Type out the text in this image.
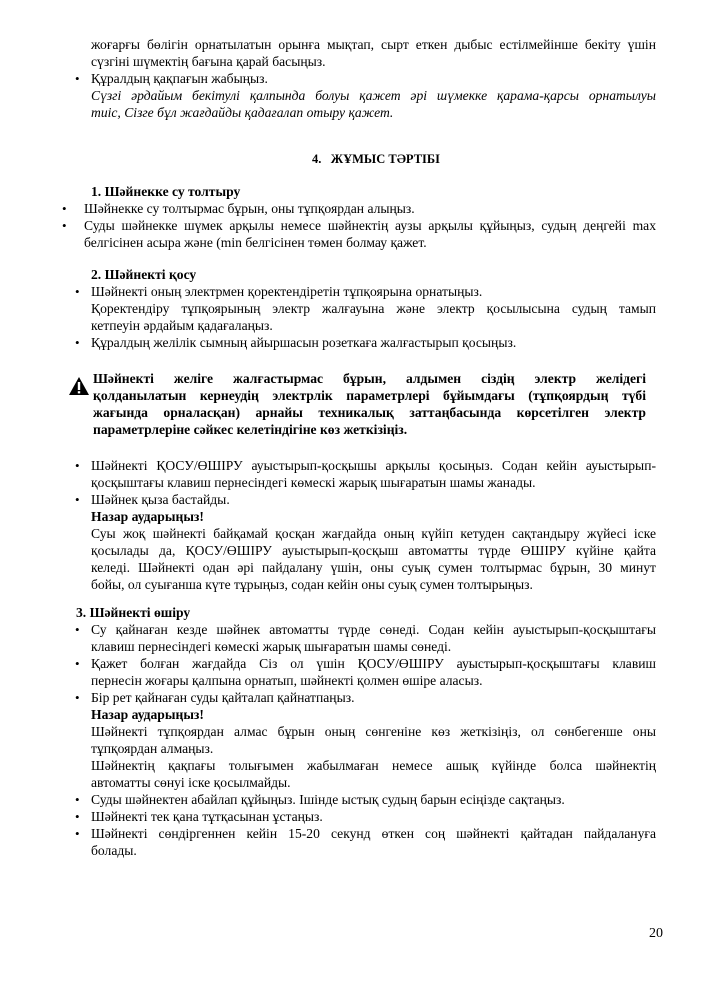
жоғарғы бөлігін орнатылатын орынға мықтап, сырт еткен дыбыс естілмейінше бекіту үшін

сүзгіні шүмектің бағына қарай басыңыз.

• Құралдың қақпағын жабыңыз.

Сүзгі әрдайым бекітулі қалпында болуы қажет әрі шүмекке қарама-қарсы орнатылуы

тиіс, Сізге бұл жағдайды қадағалап отыру қажет.

4. ЖҰМЫС ТӘРТІБІ

1. Шәйнекке су толтыру

• Шәйнекке су толтырмас бұрын, оны тұпқоярдан алыңыз.

• Суды шәйнекке шүмек арқылы немесе шәйнектің аузы арқылы құйыңыз, судың деңгейі max

белгісінен асыра және (min белгісінен төмен болмау қажет.

2. Шәйнекті қосу

• Шәйнекті оның электрмен қоректендіретін тұпқоярына орнатыңыз.

Қоректендіру тұпқоярының электр жалғауына және электр қосылысына судың тамып

кетпеуін әрдайым қадағалаңыз.

• Құралдың желілік сымның айыршасын розеткаға жалғастырып қосыңыз.

Шәйнекті желіге жалғастырмас бұрын, алдымен сіздің электр желідегі

қолданылатын кернеудің электрлік параметрлері бұйымдағы (тұпқоярдың түбі

жағында орналасқан) арнайы техникалық заттаңбасында көрсетілген электр

параметрлеріне сәйкес келетіндігіне көз жеткізіңіз.

• Шәйнекті ҚОСУ/ӨШІРУ ауыстырып-қосқышы арқылы қосыңыз. Содан кейін ауыстырып-

қосқыштағы клавиш пернесіндегі көмескі жарық шығаратын шамы жанады.

• Шәйнек қыза бастайды.

Назар аударыңыз!

Суы жоқ шәйнекті байқамай қосқан жағдайда оның күйіп кетуден сақтандыру жүйесі іске

қосылады да, ҚОСУ/ӨШІРУ ауыстырып-қосқыш автоматты түрде ӨШІРУ күйіне қайта

келеді. Шәйнекті одан әрі пайдалану үшін, оны суық сумен толтырмас бұрын, 30 минут

бойы, ол суығанша күте тұрыңыз, содан кейін оны суық сумен толтырыңыз.

3. Шәйнекті өшіру

• Су қайнаған кезде шәйнек автоматты түрде сөнеді. Содан кейін ауыстырып-қосқыштағы

клавиш пернесіндегі көмескі жарық шығаратын шамы сөнеді.

• Қажет болған жағдайда Сіз ол үшін ҚОСУ/ӨШІРУ ауыстырып-қосқыштағы клавиш

пернесін жоғары қалпына орнатып, шәйнекті қолмен өшіре аласыз.

• Бір рет қайнаған суды қайталап қайнатпаңыз.

Назар аударыңыз!

Шәйнекті тұпқоярдан алмас бұрын оның сөнгеніне көз жеткізіңіз, ол сөнбегенше оны

тұпқоярдан алмаңыз.

Шәйнектің қақпағы толығымен жабылмаған немесе ашық күйінде болса шәйнектің

автоматты сөнуі іске қосылмайды.

• Суды шәйнектен абайлап құйыңыз. Ішінде ыстық судың барын есіңізде сақтаңыз.

• Шәйнекті тек қана тұтқасынан ұстаңыз.

• Шәйнекті сөндіргеннен кейін 15-20 секунд өткен соң шәйнекті қайтадан пайдалануға

болады.

20
